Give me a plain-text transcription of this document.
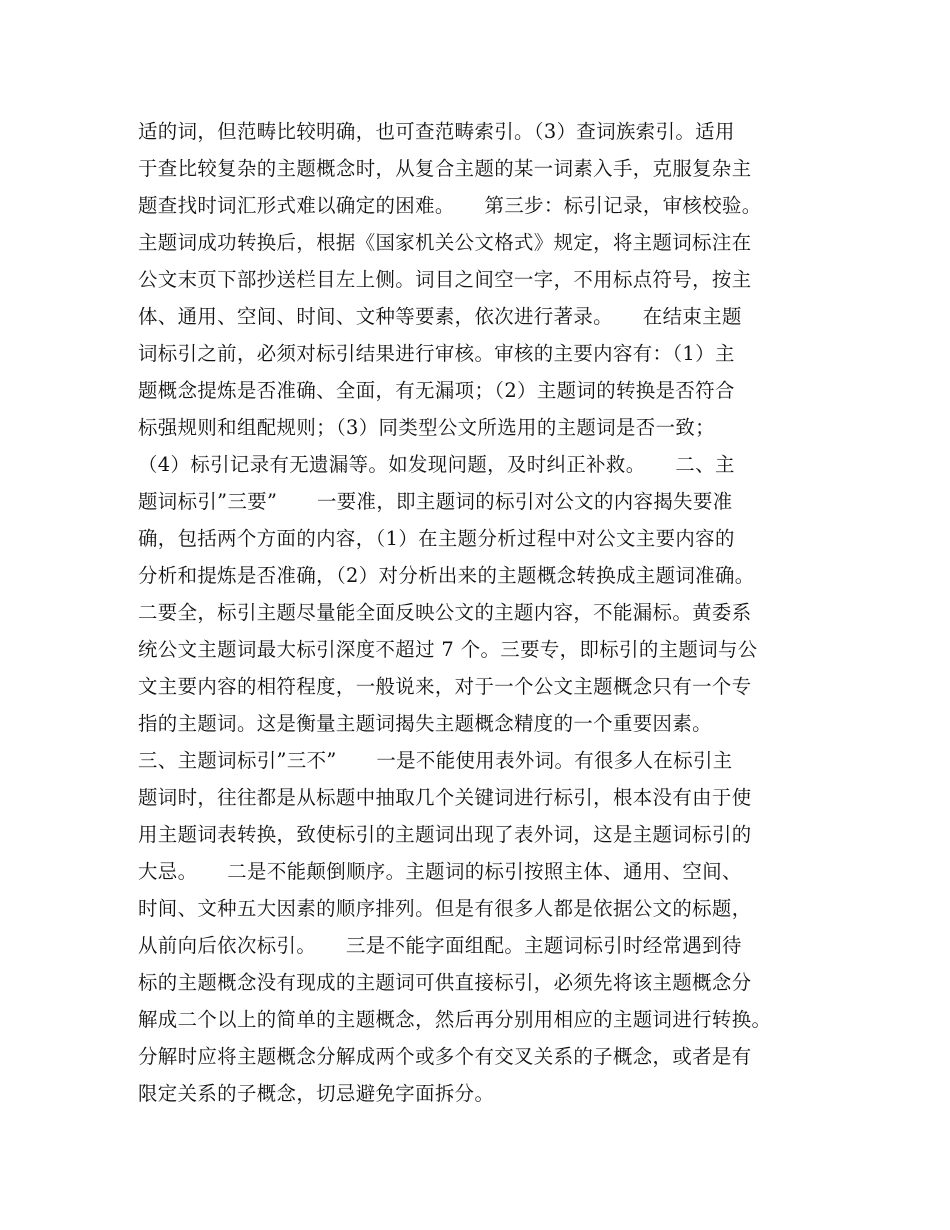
适的词，但范畴比较明确，也可查范畴索引。（3）查词族索引。适用
于查比较复杂的主题概念时，从复合主题的某一词素入手，克服复杂主
题查找时词汇形式难以确定的困难。　　第三步：标引记录，审核校验。
主题词成功转换后，根据《国家机关公文格式》规定，将主题词标注在
公文末页下部抄送栏目左上侧。词目之间空一字，不用标点符号，按主
体、通用、空间、时间、文种等要素，依次进行著录。　　在结束主题
词标引之前，必须对标引结果进行审核。审核的主要内容有：（1）主
题概念提炼是否准确、全面，有无漏项；（2）主题词的转换是否符合
标强规则和组配规则；（3）同类型公文所选用的主题词是否一致；
（4）标引记录有无遗漏等。如发现问题，及时纠正补救。　　二、主
题词标引”三要”　　一要准，即主题词的标引对公文的内容揭失要准
确，包括两个方面的内容，（1）在主题分析过程中对公文主要内容的
分析和提炼是否准确，（2）对分析出来的主题概念转换成主题词准确。
二要全，标引主题尽量能全面反映公文的主题内容，不能漏标。黄委系
统公文主题词最大标引深度不超过 7 个。三要专，即标引的主题词与公
文主要内容的相符程度，一般说来，对于一个公文主题概念只有一个专
指的主题词。这是衡量主题词揭失主题概念精度的一个重要因素。
三、主题词标引”三不”　　一是不能使用表外词。有很多人在标引主
题词时，往往都是从标题中抽取几个关键词进行标引，根本没有由于使
用主题词表转换，致使标引的主题词出现了表外词，这是主题词标引的
大忌。　　二是不能颠倒顺序。主题词的标引按照主体、通用、空间、
时间、文种五大因素的顺序排列。但是有很多人都是依据公文的标题，
从前向后依次标引。　　三是不能字面组配。主题词标引时经常遇到待
标的主题概念没有现成的主题词可供直接标引，必须先将该主题概念分
解成二个以上的简单的主题概念，然后再分别用相应的主题词进行转换。
分解时应将主题概念分解成两个或多个有交叉关系的子概念，或者是有
限定关系的子概念，切忌避免字面拆分。
